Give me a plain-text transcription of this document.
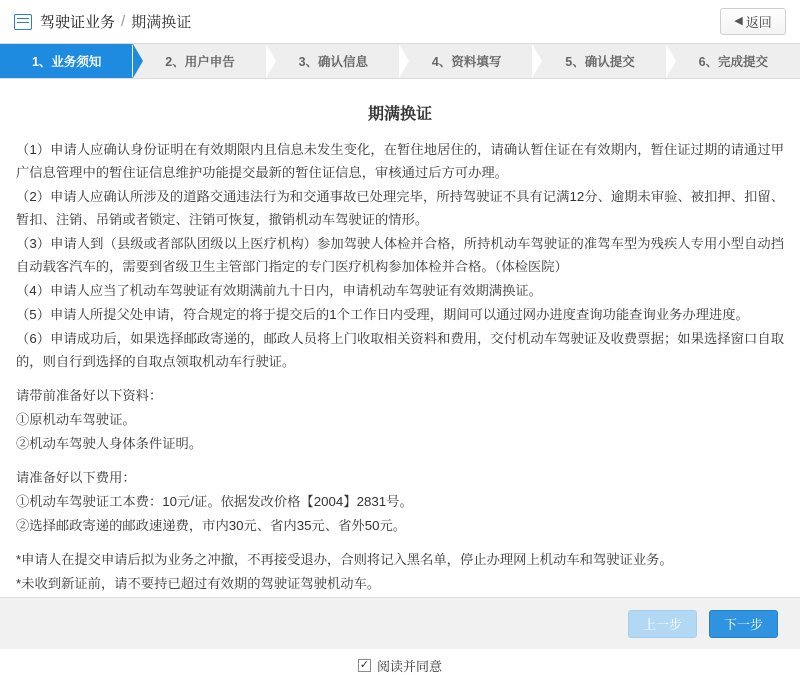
驾驶证业务 / 期满换证	◀ 返回
1、业务须知	2、用户申告	3、确认信息	4、资料填写	5、确认提交	6、完成提交
期满换证

（1）申请人应确认身份证明在有效期限内且信息未发生变化，在暂住地居住的，请确认暂住证在有效期内，暂住证过期的请通过甲广信息管理中的暂住证信息维护功能提交最新的暂住证信息，审核通过后方可办理。

（2）申请人应确认所涉及的道路交通违法行为和交通事故已处理完毕，所持驾驶证不具有记满12分、逾期未审验、被扣押、扣留、暂扣、注销、吊销或者锁定、注销可恢复，撤销机动车驾驶证的情形。

（3）申请人到（县级或者部队团级以上医疗机构）参加驾驶人体检并合格，所持机动车驾驶证的准驾车型为残疾人专用小型自动挡自动载客汽车的，需要到省级卫生主管部门指定的专门医疗机构参加体检并合格。（体检医院）

（4）申请人应当了机动车驾驶证有效期满前九十日内，申请机动车驾驶证有效期满换证。

（5）申请人所提父处申请，符合规定的将于提交后的1个工作日内受理，期间可以通过网办进度查询功能查询业务办理进度。

（6）申请成功后，如果选择邮政寄递的，邮政人员将上门收取相关资料和费用，交付机动车驾驶证及收费票据；如果选择窗口自取的，则自行到选择的自取点领取机动车行驶证。

请带前准备好以下资料：

①原机动车驾驶证。

②机动车驾驶人身体条件证明。

请准备好以下费用：

①机动车驾驶证工本费：10元/证。依据发改价格【2004】2831号。

②选择邮政寄递的邮政速递费，市内30元、省内35元、省外50元。

*申请人在提交申请后拟为业务之冲撤，不再接受退办，合则将记入黑名单，停止办理网上机动车和驾驶证业务。

*未收到新证前，请不要持已超过有效期的驾驶证驾驶机动车。

✓ 阅读并同意
上一步	下一步
